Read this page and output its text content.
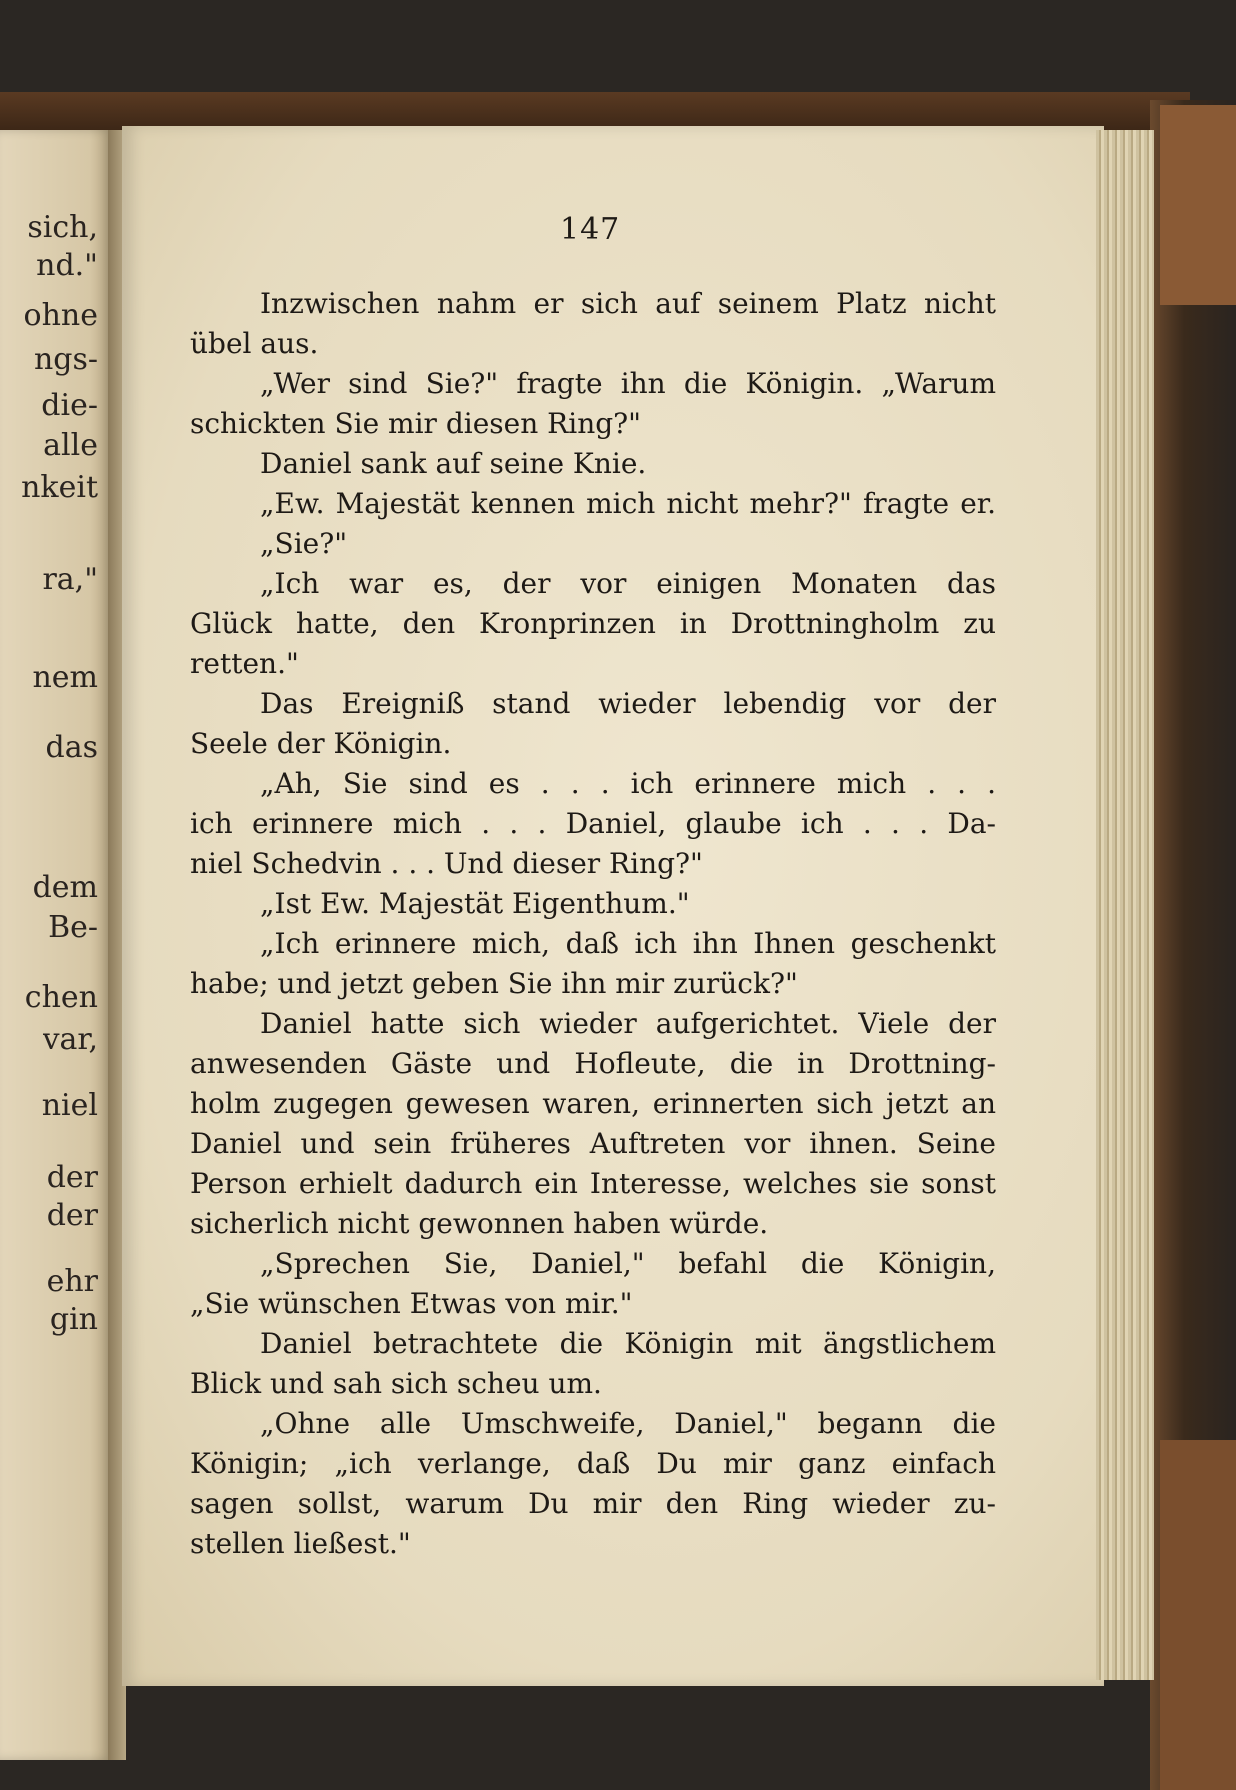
sich,
nd."
ohne
ngs-
die-
alle
nkeit
ra,"
nem
das
dem
Be-
chen
var,
niel
der
der
ehr
gin
147
Inzwischen nahm er sich auf seinem Platz nicht
übel aus.
„Wer sind Sie?" fragte ihn die Königin. „Warum
schickten Sie mir diesen Ring?"
Daniel sank auf seine Knie.
„Ew. Majestät kennen mich nicht mehr?" fragte er.
„Sie?"
„Ich war es, der vor einigen Monaten das
Glück hatte, den Kronprinzen in Drottningholm zu
retten."
Das Ereigniß stand wieder lebendig vor der
Seele der Königin.
„Ah, Sie sind es . . . ich erinnere mich . . .
ich erinnere mich . . . Daniel, glaube ich . . . Da-
niel Schedvin . . . Und dieser Ring?"
„Ist Ew. Majestät Eigenthum."
„Ich erinnere mich, daß ich ihn Ihnen geschenkt
habe; und jetzt geben Sie ihn mir zurück?"
Daniel hatte sich wieder aufgerichtet. Viele der
anwesenden Gäste und Hofleute, die in Drottning-
holm zugegen gewesen waren, erinnerten sich jetzt an
Daniel und sein früheres Auftreten vor ihnen. Seine
Person erhielt dadurch ein Interesse, welches sie sonst
sicherlich nicht gewonnen haben würde.
„Sprechen Sie, Daniel," befahl die Königin,
„Sie wünschen Etwas von mir."
Daniel betrachtete die Königin mit ängstlichem
Blick und sah sich scheu um.
„Ohne alle Umschweife, Daniel," begann die
Königin; „ich verlange, daß Du mir ganz einfach
sagen sollst, warum Du mir den Ring wieder zu-
stellen ließest."
